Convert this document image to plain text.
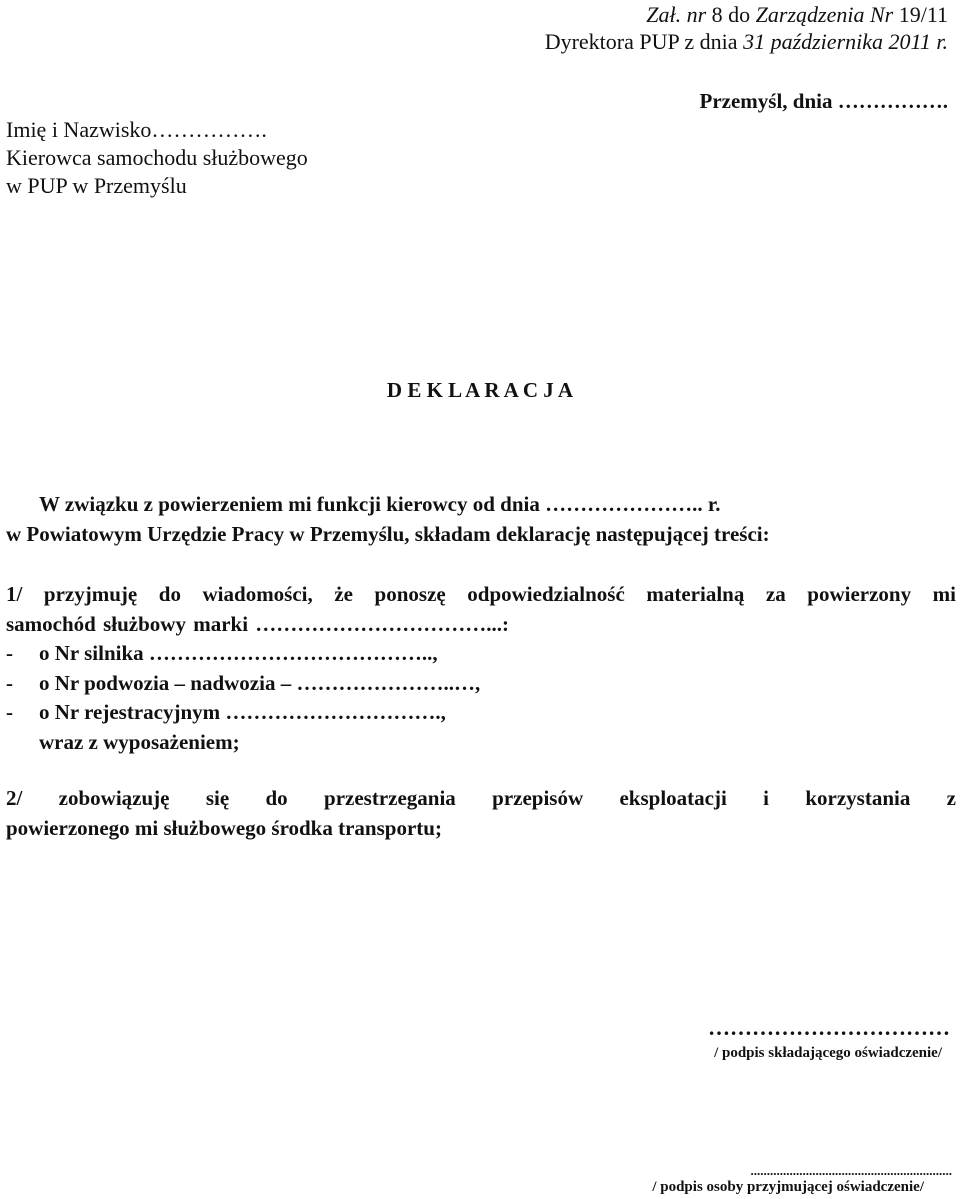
Zał. nr 8 do Zarządzenia Nr 19/11
Dyrektora PUP z dnia 31 października 2011 r.
Przemyśl, dnia …………….
Imię i Nazwisko…………….
Kierowca samochodu służbowego
w PUP w Przemyślu
D E K L A R A C J A
W związku z powierzeniem mi funkcji kierowcy od dnia ………………….. r.
w Powiatowym Urzędzie Pracy w Przemyślu, składam deklarację następującej treści:
1/ przyjmuję do wiadomości, że ponoszę odpowiedzialność materialną za powierzony mi
samochód służbowy marki ……………………………...:
- o Nr silnika …………………………………..,
- o Nr podwozia – nadwozia – …………………..…,
- o Nr rejestracyjnym ………………………….,
wraz z wyposażeniem;
2/ zobowiązuję się do przestrzegania przepisów eksploatacji i korzystania z
powierzonego mi służbowego środka transportu;
……………………………
/ podpis składającego oświadczenie/
..............................................................
/ podpis osoby przyjmującej oświadczenie/
